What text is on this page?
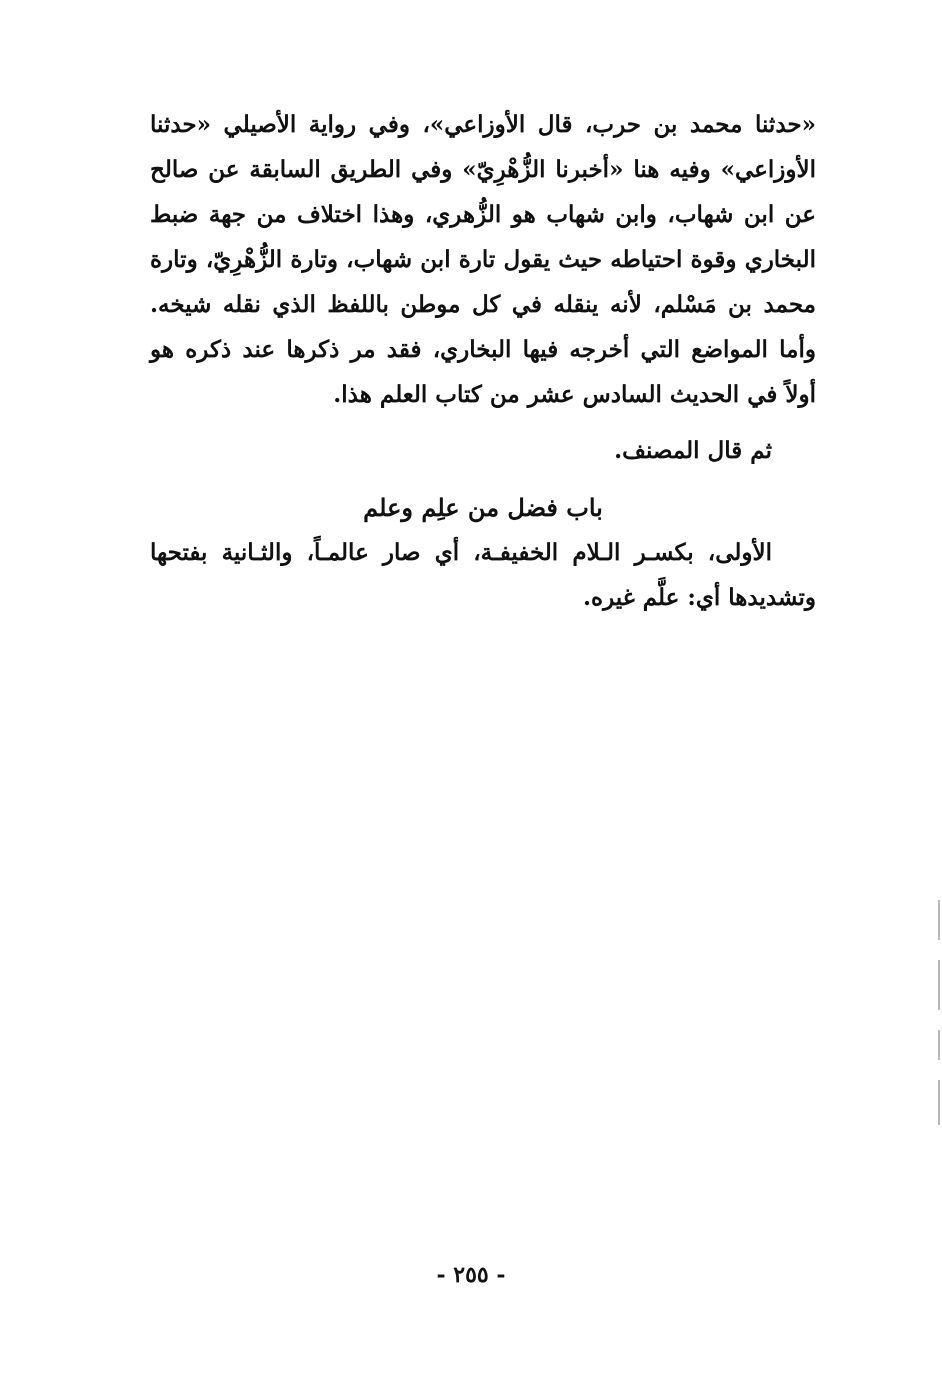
«حدثنا محمد بن حرب، قال الأوزاعي»، وفي رواية الأصيلي «حدثنا الأوزاعي» وفيه هنا «أخبرنا الزُّهْرِيّ» وفي الطريق السابقة عن صالح عن ابن شهاب، وابن شهاب هو الزُّهري، وهذا اختلاف من جهة ضبط البخاري وقوة احتياطه حيث يقول تارة ابن شهاب، وتارة الزُّهْرِيّ، وتارة محمد بن مَسْلم، لأنه ينقله في كل موطن باللفظ الذي نقله شيخه. وأما المواضع التي أخرجه فيها البخاري، فقد مر ذكرها عند ذكره هو أولاً في الحديث السادس عشر من كتاب العلم هذا.

ثم قال المصنف.

باب فضل من علِم وعلم

الأولى، بكسـر الـلام الخفيفـة، أي صار عالمـاً، والثـانية بفتحها وتشديدها أي: علَّم غيره.

- ٢٥٥ -
